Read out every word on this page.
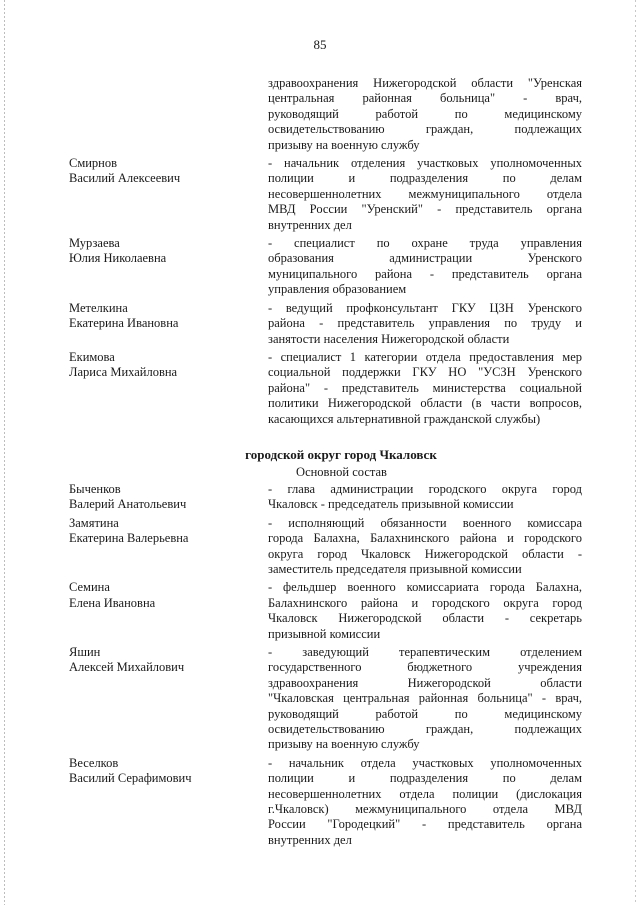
85
здравоохранения Нижегородской области "Уренская
центральная районная больница" - врач,
руководящий работой по медицинскому
освидетельствованию граждан, подлежащих
призыву на военную службу
Смирнов
Василий Алексеевич
- начальник отделения участковых уполномоченных
полиции и подразделения по делам
несовершеннолетних межмуниципального отдела
МВД России "Уренский" - представитель органа
внутренних дел
Мурзаева
Юлия Николаевна
- специалист по охране труда управления
образования администрации Уренского
муниципального района - представитель органа
управления образованием
Метелкина
Екатерина Ивановна
- ведущий профконсультант ГКУ ЦЗН Уренского
района - представитель управления по труду и
занятости населения Нижегородской области
Екимова
Лариса Михайловна
- специалист 1 категории отдела предоставления мер
социальной поддержки ГКУ НО "УСЗН Уренского
района" - представитель министерства социальной
политики Нижегородской области (в части вопросов,
касающихся альтернативной гражданской службы)
городской округ город Чкаловск
Основной состав
Быченков
Валерий Анатольевич
- глава администрации городского округа город
Чкаловск - председатель призывной комиссии
Замятина
Екатерина Валерьевна
- исполняющий обязанности военного комиссара
города Балахна, Балахнинского района и городского
округа город Чкаловск Нижегородской области -
заместитель председателя призывной комиссии
Семина
Елена Ивановна
- фельдшер военного комиссариата города Балахна,
Балахнинского района и городского округа город
Чкаловск Нижегородской области - секретарь
призывной комиссии
Яшин
Алексей Михайлович
- заведующий терапевтическим отделением
государственного бюджетного учреждения
здравоохранения Нижегородской области
"Чкаловская центральная районная больница" - врач,
руководящий работой по медицинскому
освидетельствованию граждан, подлежащих
призыву на военную службу
Веселков
Василий Серафимович
- начальник отдела участковых уполномоченных
полиции и подразделения по делам
несовершеннолетних отдела полиции (дислокация
г.Чкаловск) межмуниципального отдела МВД
России "Городецкий" - представитель органа
внутренних дел
